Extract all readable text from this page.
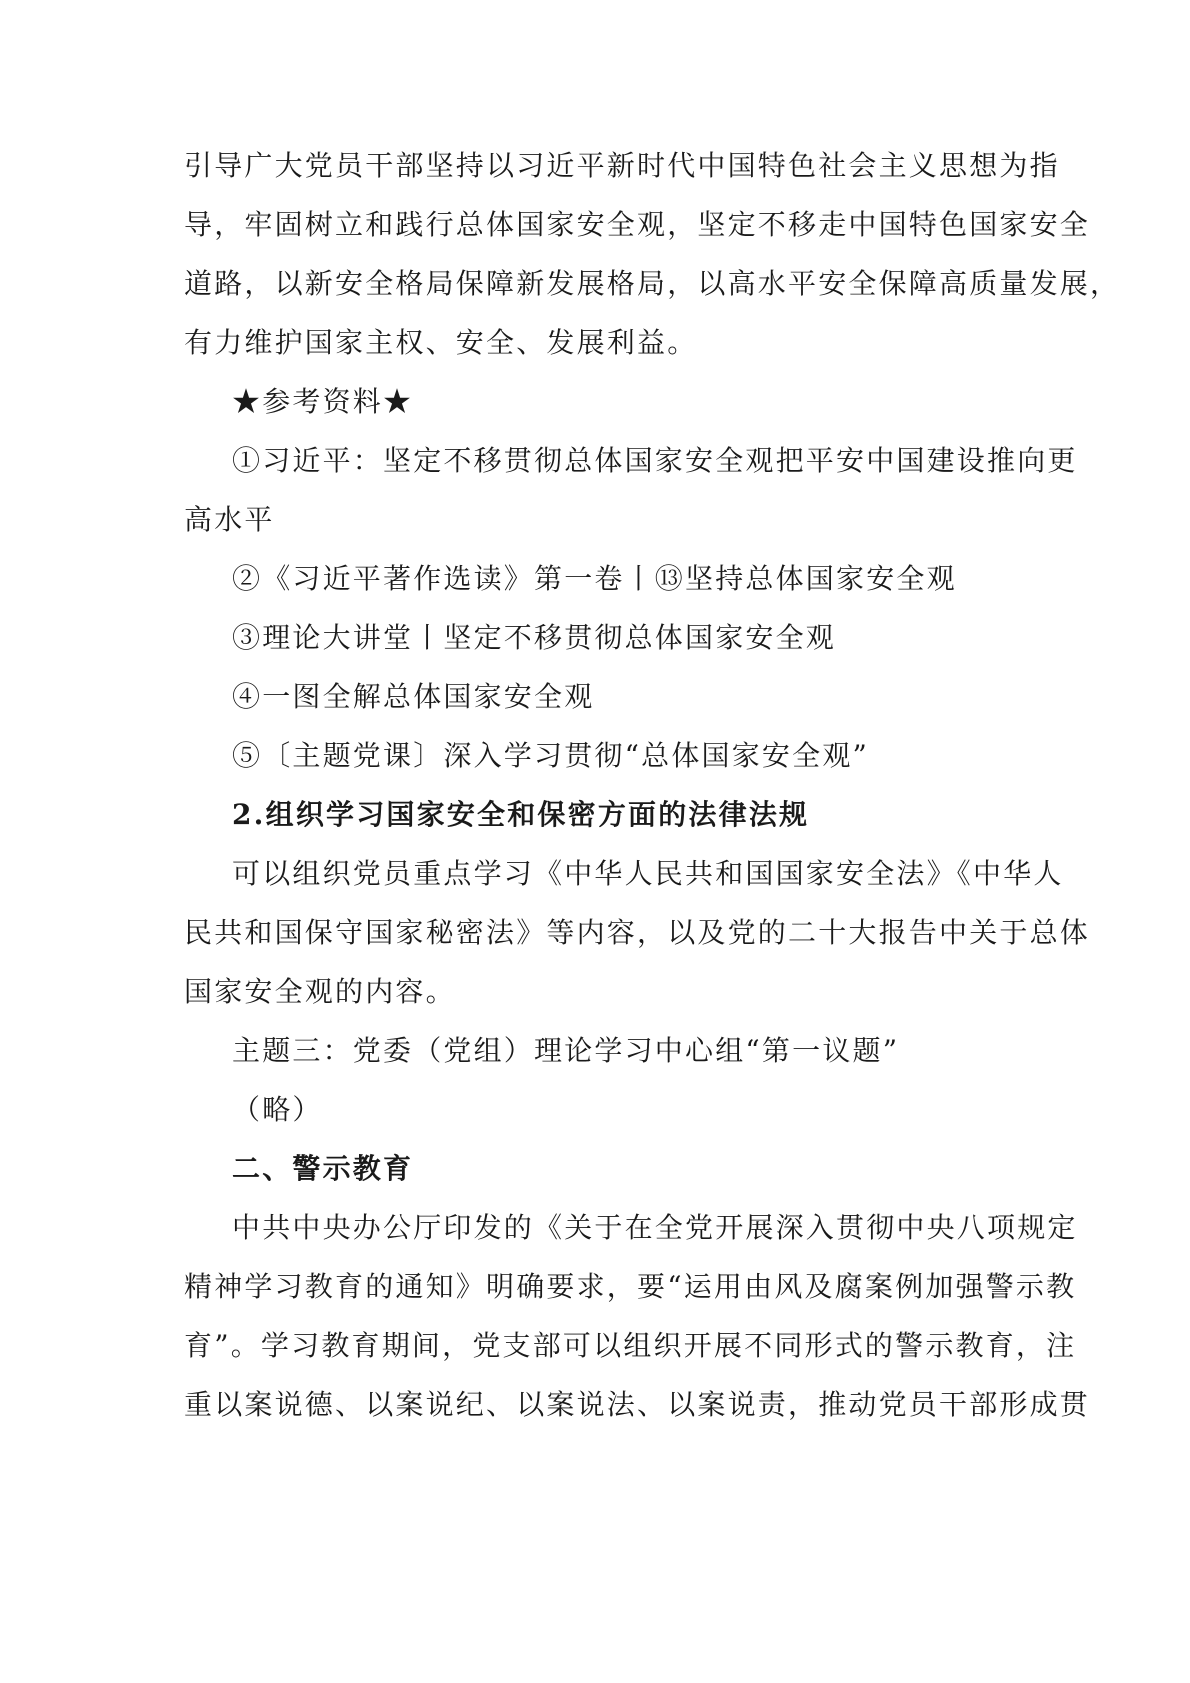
引导广大党员干部坚持以习近平新时代中国特色社会主义思想为指
导，牢固树立和践行总体国家安全观，坚定不移走中国特色国家安全
道路，以新安全格局保障新发展格局，以高水平安全保障高质量发展，
有力维护国家主权、安全、发展利益。
★参考资料★
①习近平：坚定不移贯彻总体国家安全观把平安中国建设推向更
高水平
②《习近平著作选读》第一卷丨⑬坚持总体国家安全观
③理论大讲堂丨坚定不移贯彻总体国家安全观
④一图全解总体国家安全观
⑤〔主题党课〕深入学习贯彻“总体国家安全观”
2.组织学习国家安全和保密方面的法律法规
可以组织党员重点学习《中华人民共和国国家安全法》《中华人
民共和国保守国家秘密法》等内容，以及党的二十大报告中关于总体
国家安全观的内容。
主题三：党委（党组）理论学习中心组“第一议题”
（略）
二、警示教育
中共中央办公厅印发的《关于在全党开展深入贯彻中央八项规定
精神学习教育的通知》明确要求，要“运用由风及腐案例加强警示教
育”。学习教育期间，党支部可以组织开展不同形式的警示教育，注
重以案说德、以案说纪、以案说法、以案说责，推动党员干部形成贯
